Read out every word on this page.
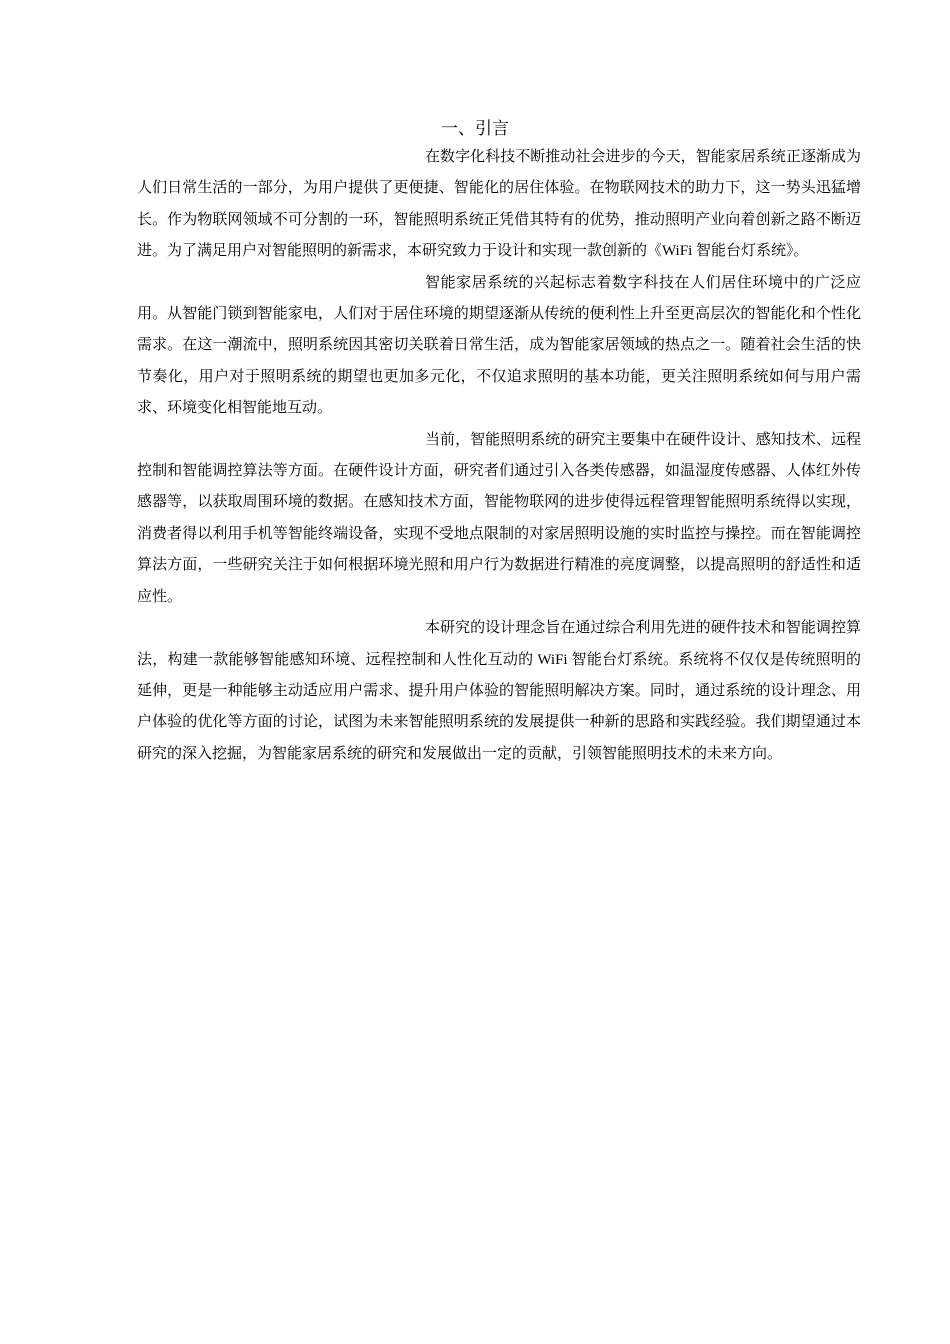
一、引言

在数字化科技不断推动社会进步的今天，智能家居系统正逐渐成为人们日常生活的一部分，为用户提供了更便捷、智能化的居住体验。在物联网技术的助力下，这一势头迅猛增长。作为物联网领域不可分割的一环，智能照明系统正凭借其特有的优势，推动照明产业向着创新之路不断迈进。为了满足用户对智能照明的新需求，本研究致力于设计和实现一款创新的《WiFi 智能台灯系统》。

智能家居系统的兴起标志着数字科技在人们居住环境中的广泛应用。从智能门锁到智能家电，人们对于居住环境的期望逐渐从传统的便利性上升至更高层次的智能化和个性化需求。在这一潮流中，照明系统因其密切关联着日常生活，成为智能家居领域的热点之一。随着社会生活的快节奏化，用户对于照明系统的期望也更加多元化，不仅追求照明的基本功能，更关注照明系统如何与用户需求、环境变化相智能地互动。

当前，智能照明系统的研究主要集中在硬件设计、感知技术、远程控制和智能调控算法等方面。在硬件设计方面，研究者们通过引入各类传感器，如温湿度传感器、人体红外传感器等，以获取周围环境的数据。在感知技术方面，智能物联网的进步使得远程管理智能照明系统得以实现，消费者得以利用手机等智能终端设备，实现不受地点限制的对家居照明设施的实时监控与操控。而在智能调控算法方面，一些研究关注于如何根据环境光照和用户行为数据进行精准的亮度调整，以提高照明的舒适性和适应性。

本研究的设计理念旨在通过综合利用先进的硬件技术和智能调控算法，构建一款能够智能感知环境、远程控制和人性化互动的 WiFi 智能台灯系统。系统将不仅仅是传统照明的延伸，更是一种能够主动适应用户需求、提升用户体验的智能照明解决方案。同时，通过系统的设计理念、用户体验的优化等方面的讨论，试图为未来智能照明系统的发展提供一种新的思路和实践经验。我们期望通过本研究的深入挖掘，为智能家居系统的研究和发展做出一定的贡献，引领智能照明技术的未来方向。
